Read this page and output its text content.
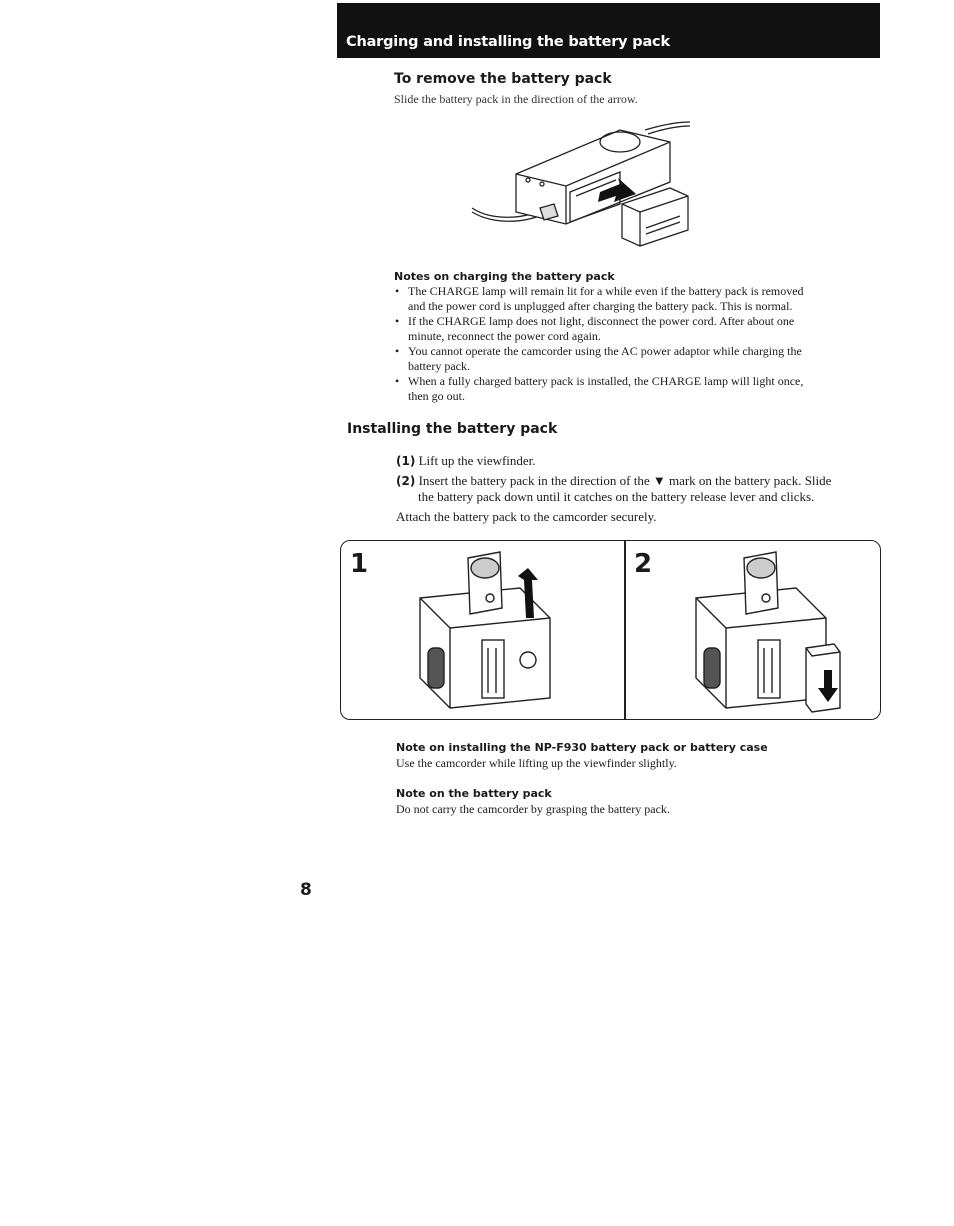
Charging and installing the battery pack
To remove the battery pack
Slide the battery pack in the direction of the arrow.
Notes on charging the battery pack
• The CHARGE lamp will remain lit for a while even if the battery pack is removed
and the power cord is unplugged after charging the battery pack. This is normal.
• If the CHARGE lamp does not light, disconnect the power cord. After about one
minute, reconnect the power cord again.
• You cannot operate the camcorder using the AC power adaptor while charging the
battery pack.
• When a fully charged battery pack is installed, the CHARGE lamp will light once,
then go out.
Installing the battery pack
(1) Lift up the viewfinder.
(2) Insert the battery pack in the direction of the ▼ mark on the battery pack. Slide
the battery pack down until it catches on the battery release lever and clicks.
Attach the battery pack to the camcorder securely.
1	2
Note on installing the NP-F930 battery pack or battery case
Use the camcorder while lifting up the viewfinder slightly.
Note on the battery pack
Do not carry the camcorder by grasping the battery pack.
8
